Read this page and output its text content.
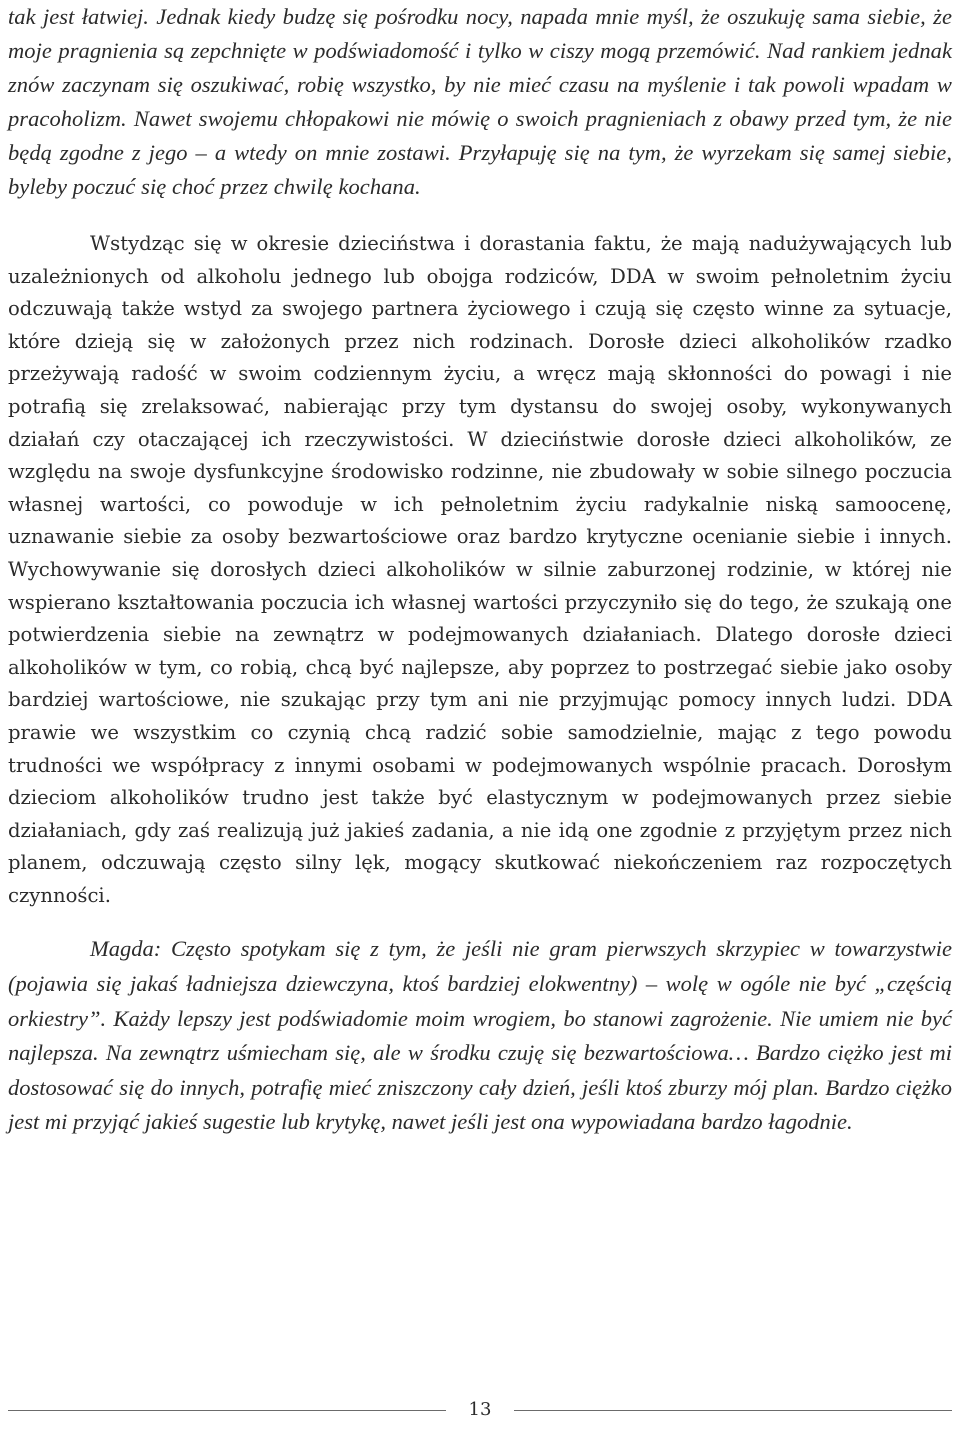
tak jest łatwiej. Jednak kiedy budzę się pośrodku nocy, napada mnie myśl, że oszukuję sama siebie, że moje pragnienia są zepchnięte w podświadomość i tylko w ciszy mogą przemówić. Nad rankiem jednak znów zaczynam się oszukiwać, robię wszystko, by nie mieć czasu na myślenie i tak powoli wpadam w pracoholizm. Nawet swojemu chłopakowi nie mówię o swoich pragnieniach z obawy przed tym, że nie będą zgodne z jego – a wtedy on mnie zostawi. Przyłapuję się na tym, że wyrzekam się samej siebie, byleby poczuć się choć przez chwilę kochana.

Wstydząc się w okresie dzieciństwa i dorastania faktu, że mają nadużywających lub uzależnionych od alkoholu jednego lub obojga rodziców, DDA w swoim pełnoletnim życiu odczuwają także wstyd za swojego partnera życiowego i czują się często winne za sytuacje, które dzieją się w założonych przez nich rodzinach. Dorosłe dzieci alkoholików rzadko przeżywają radość w swoim codziennym życiu, a wręcz mają skłonności do powagi i nie potrafią się zrelaksować, nabierając przy tym dystansu do swojej osoby, wykonywanych działań czy otaczającej ich rzeczywistości. W dzieciństwie dorosłe dzieci alkoholików, ze względu na swoje dysfunkcyjne środowisko rodzinne, nie zbudowały w sobie silnego poczucia własnej wartości, co powoduje w ich pełnoletnim życiu radykalnie niską samoocenę, uznawanie siebie za osoby bezwartościowe oraz bardzo krytyczne ocenianie siebie i innych. Wychowywanie się dorosłych dzieci alkoholików w silnie zaburzonej rodzinie, w której nie wspierano kształtowania poczucia ich własnej wartości przyczyniło się do tego, że szukają one potwierdzenia siebie na zewnątrz w podejmowanych działaniach. Dlatego dorosłe dzieci alkoholików w tym, co robią, chcą być najlepsze, aby poprzez to postrzegać siebie jako osoby bardziej wartościowe, nie szukając przy tym ani nie przyjmując pomocy innych ludzi. DDA prawie we wszystkim co czynią chcą radzić sobie samodzielnie, mając z tego powodu trudności we współpracy z innymi osobami w podejmowanych wspólnie pracach. Dorosłym dzieciom alkoholików trudno jest także być elastycznym w podejmowanych przez siebie działaniach, gdy zaś realizują już jakieś zadania, a nie idą one zgodnie z przyjętym przez nich planem, odczuwają często silny lęk, mogący skutkować niekończeniem raz rozpoczętych czynności.

Magda: Często spotykam się z tym, że jeśli nie gram pierwszych skrzypiec w towarzystwie (pojawia się jakaś ładniejsza dziewczyna, ktoś bardziej elokwentny) – wolę w ogóle nie być „częścią orkiestry”. Każdy lepszy jest podświadomie moim wrogiem, bo stanowi zagrożenie. Nie umiem nie być najlepsza. Na zewnątrz uśmiecham się, ale w środku czuję się bezwartościowa… Bardzo ciężko jest mi dostosować się do innych, potrafię mieć zniszczony cały dzień, jeśli ktoś zburzy mój plan. Bardzo ciężko jest mi przyjąć jakieś sugestie lub krytykę, nawet jeśli jest ona wypowiadana bardzo łagodnie.

13
